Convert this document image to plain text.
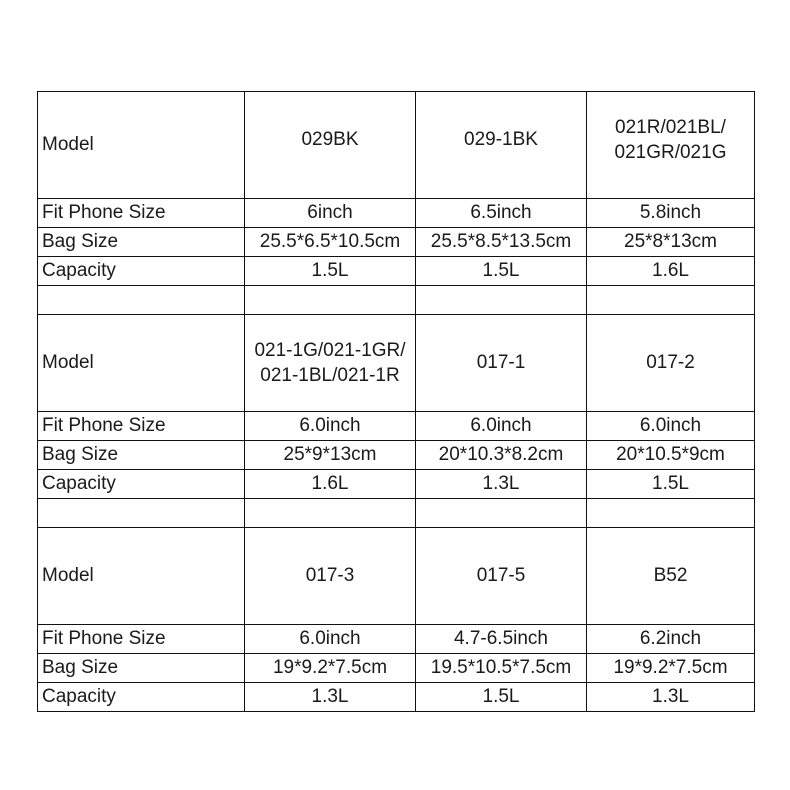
Model	029BK	029-1BK	021R/021BL/
021GR/021G
Fit Phone Size	6inch	6.5inch	5.8inch
Bag Size	25.5*6.5*10.5cm	25.5*8.5*13.5cm	25*8*13cm
Capacity	1.5L	1.5L	1.6L

Model	021-1G/021-1GR/
021-1BL/021-1R	017-1	017-2
Fit Phone Size	6.0inch	6.0inch	6.0inch
Bag Size	25*9*13cm	20*10.3*8.2cm	20*10.5*9cm
Capacity	1.6L	1.3L	1.5L

Model	017-3	017-5	B52
Fit Phone Size	6.0inch	4.7-6.5inch	6.2inch
Bag Size	19*9.2*7.5cm	19.5*10.5*7.5cm	19*9.2*7.5cm
Capacity	1.3L	1.5L	1.3L
